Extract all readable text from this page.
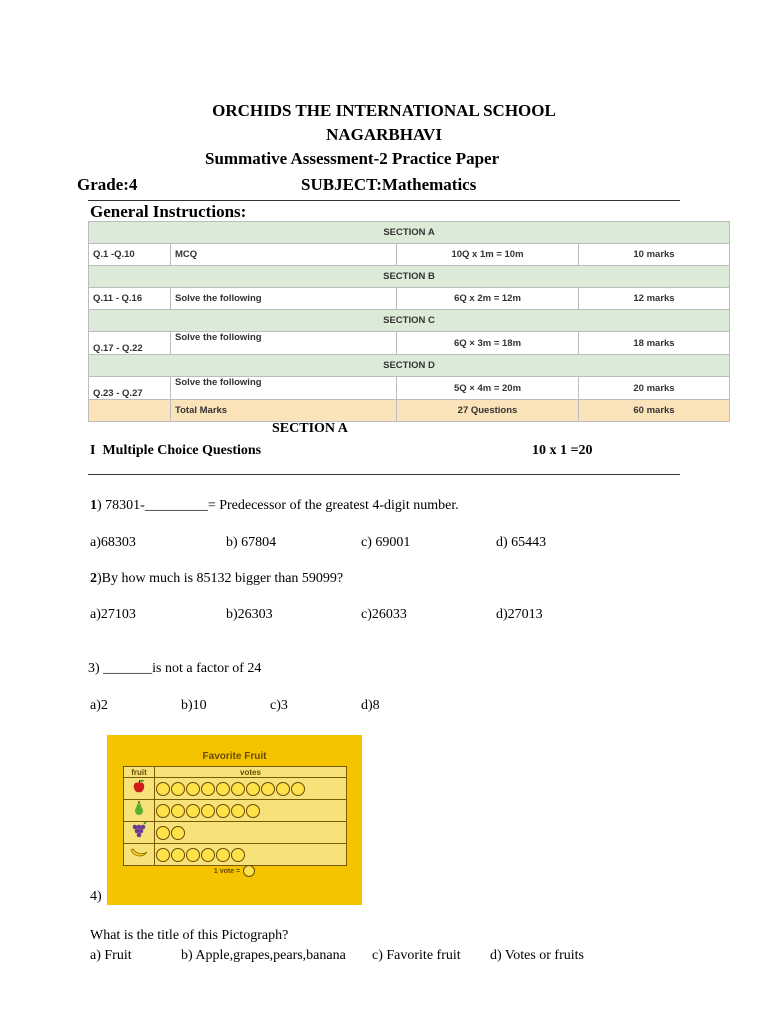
ORCHIDS THE INTERNATIONAL SCHOOL
NAGARBHAVI
Summative Assessment-2 Practice Paper
Grade:4	SUBJECT:Mathematics
General Instructions:
SECTION A			
Q.1 -Q.10	MCQ	10Q x 1m = 10m	10 marks
SECTION B			
Q.11 - Q.16	Solve the following	6Q x 2m = 12m	12 marks
SECTION C			
Q.17 - Q.22	Solve the following	6Q × 3m = 18m	18 marks
SECTION D			
Q.23 - Q.27	Solve the following	5Q × 4m = 20m	20 marks
	Total Marks	27 Questions	60 marks
SECTION A
I  Multiple Choice Questions	10 x 1 =20
1) 78301-_________= Predecessor of the greatest 4-digit number.
a)68303	b) 67804	c) 69001	d) 65443
2)By how much is 85132 bigger than 59099?
a)27103	b)26303	c)26033	d)27013
3) _______is not a factor of 24
a)2	b)10	c)3	d)8
Favorite Fruit
fruit	votes

1 vote =
4)
What is the title of this Pictograph?
a) Fruit	b) Apple,grapes,pears,banana c) Favorite fruit d) Votes or fruits
